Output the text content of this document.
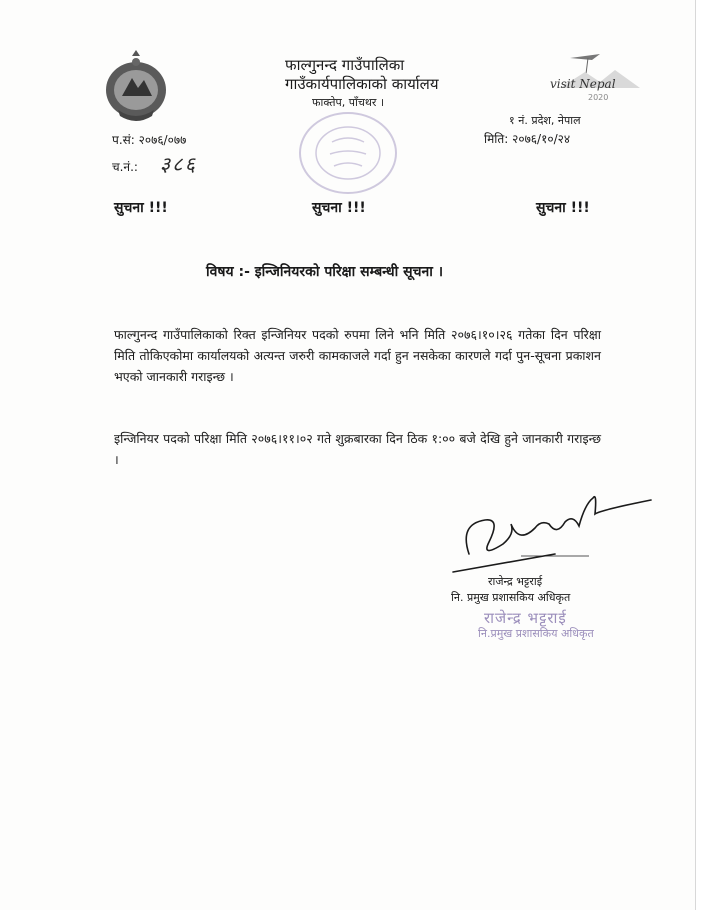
फाल्गुनन्द गाउँपालिका
गाउँकार्यपालिकाको कार्यालय
फाक्तेप, पाँचथर ।
visit Nepal
2020
१ नं. प्रदेश, नेपाल
मिति: २०७६/१०/२४
प.सं: २०७६/०७७
च.नं.: ३८६
सुचना !!!	सुचना !!!	सुचना !!!
विषय :- इन्जिनियरको परिक्षा सम्बन्धी सूचना ।
फाल्गुनन्द गाउँपालिकाको रिक्त इन्जिनियर पदको रुपमा लिने भनि मिति २०७६।१०।२६ गतेका दिन परिक्षा मिति तोकिएकोमा कार्यालयको अत्यन्त जरुरी कामकाजले गर्दा हुन नसकेका कारणले गर्दा पुन-सूचना प्रकाशन भएको जानकारी गराइन्छ ।
इन्जिनियर पदको परिक्षा मिति २०७६।११।०२ गते शुक्रबारका दिन ठिक १:०० बजे देखि हुने जानकारी गराइन्छ ।
राजेन्द्र भट्टराई
नि. प्रमुख प्रशासकिय अधिकृत
राजेन्द्र भट्टराई
नि.प्रमुख प्रशासकिय अधिकृत
